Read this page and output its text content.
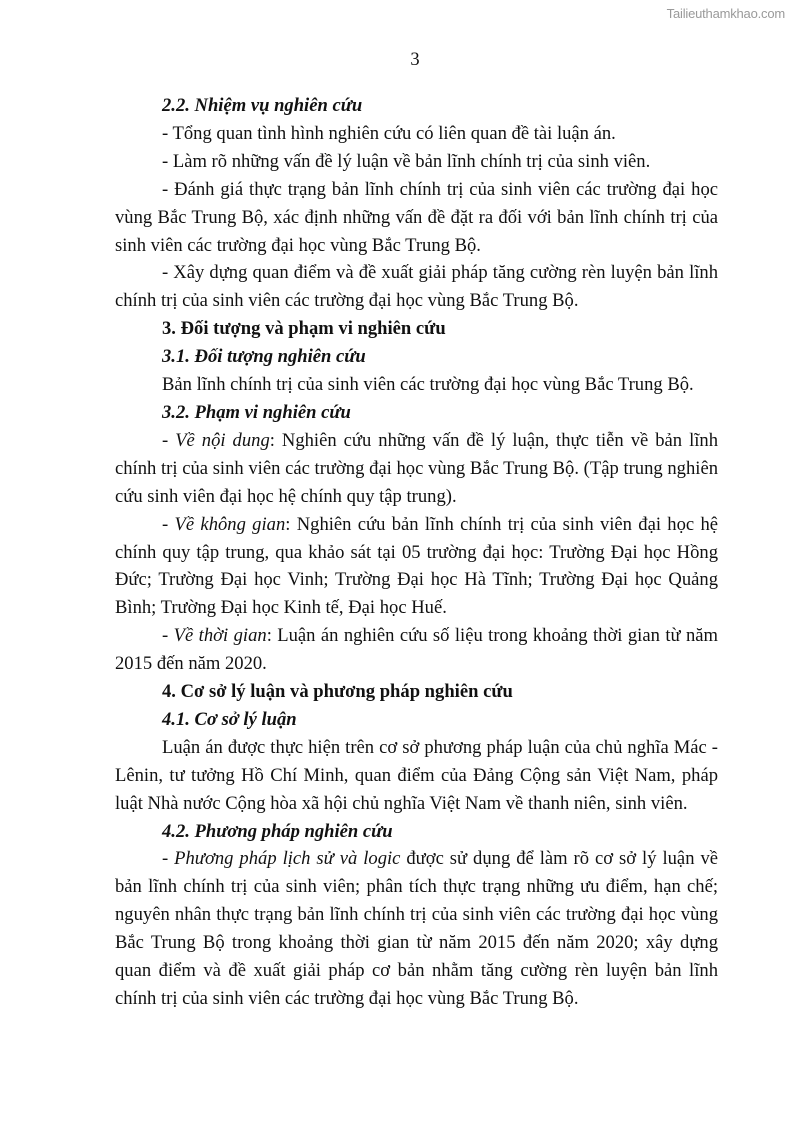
Tailieuthamkhao.com
3

2.2. Nhiệm vụ nghiên cứu

- Tổng quan tình hình nghiên cứu có liên quan đề tài luận án.

- Làm rõ những vấn đề lý luận về bản lĩnh chính trị của sinh viên.

- Đánh giá thực trạng bản lĩnh chính trị của sinh viên các trường đại học vùng Bắc Trung Bộ, xác định những vấn đề đặt ra đối với bản lĩnh chính trị của sinh viên các trường đại học vùng Bắc Trung Bộ.

- Xây dựng quan điểm và đề xuất giải pháp tăng cường rèn luyện bản lĩnh chính trị của sinh viên các trường đại học vùng Bắc Trung Bộ.

3. Đối tượng và phạm vi nghiên cứu

3.1. Đối tượng nghiên cứu

Bản lĩnh chính trị của sinh viên các trường đại học vùng Bắc Trung Bộ.

3.2. Phạm vi nghiên cứu

- Về nội dung: Nghiên cứu những vấn đề lý luận, thực tiễn về bản lĩnh chính trị của sinh viên các trường đại học vùng Bắc Trung Bộ. (Tập trung nghiên cứu sinh viên đại học hệ chính quy tập trung).

- Về không gian: Nghiên cứu bản lĩnh chính trị của sinh viên đại học hệ chính quy tập trung, qua khảo sát tại 05 trường đại học: Trường Đại học Hồng Đức; Trường Đại học Vinh; Trường Đại học Hà Tĩnh; Trường Đại học Quảng Bình; Trường Đại học Kinh tế, Đại học Huế.

- Về thời gian: Luận án nghiên cứu số liệu trong khoảng thời gian từ năm 2015 đến năm 2020.

4. Cơ sở lý luận và phương pháp nghiên cứu

4.1. Cơ sở lý luận

Luận án được thực hiện trên cơ sở phương pháp luận của chủ nghĩa Mác - Lênin, tư tưởng Hồ Chí Minh, quan điểm của Đảng Cộng sản Việt Nam, pháp luật Nhà nước Cộng hòa xã hội chủ nghĩa Việt Nam về thanh niên, sinh viên.

4.2. Phương pháp nghiên cứu

- Phương pháp lịch sử và logic được sử dụng để làm rõ cơ sở lý luận về bản lĩnh chính trị của sinh viên; phân tích thực trạng những ưu điểm, hạn chế; nguyên nhân thực trạng bản lĩnh chính trị của sinh viên các trường đại học vùng Bắc Trung Bộ trong khoảng thời gian từ năm 2015 đến năm 2020; xây dựng quan điểm và đề xuất giải pháp cơ bản nhằm tăng cường rèn luyện bản lĩnh chính trị của sinh viên các trường đại học vùng Bắc Trung Bộ.
